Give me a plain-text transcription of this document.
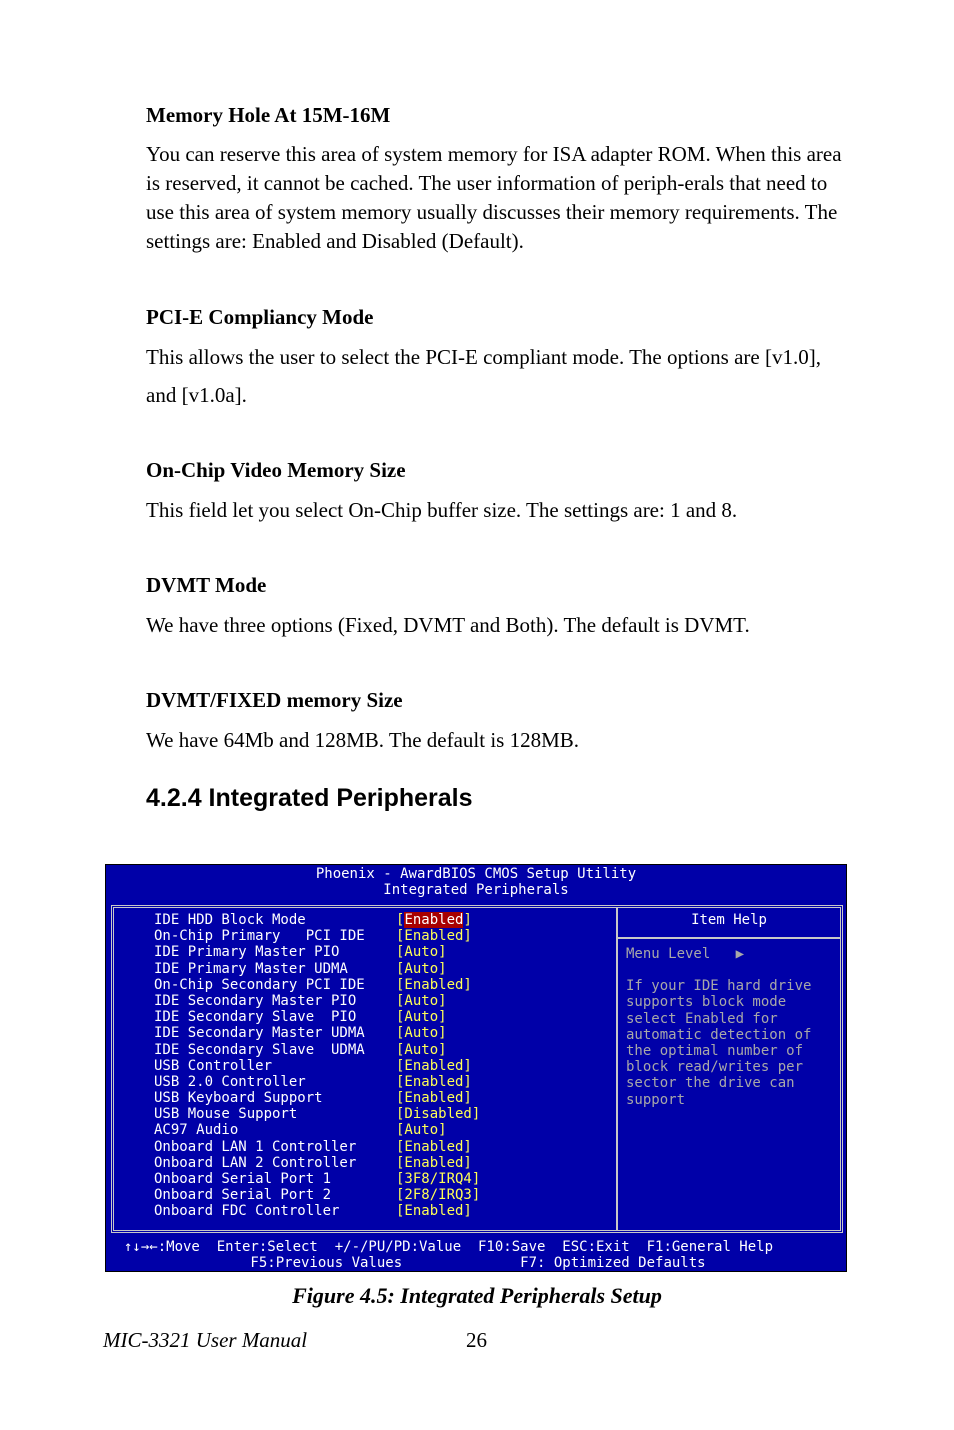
Memory Hole At 15M-16M
You can reserve this area of system memory for ISA adapter ROM. When this area is reserved, it cannot be cached. The user information of periph-erals that need to use this area of system memory usually discusses their memory requirements. The settings are: Enabled and Disabled (Default).
PCI-E Compliancy Mode
This allows the user to select the PCI-E compliant mode. The options are [v1.0], and [v1.0a].
On-Chip Video Memory Size
This field let you select On-Chip buffer size. The settings are: 1 and 8.
DVMT Mode
We have three options (Fixed, DVMT and Both). The default is DVMT.
DVMT/FIXED memory Size
We have 64Mb and 128MB. The default is 128MB.
4.2.4 Integrated Peripherals
Phoenix - AwardBIOS CMOS Setup Utility
Integrated Peripherals
IDE HDD Block Mode	[Enabled]
On-Chip Primary   PCI IDE [Enabled]
IDE Primary Master PIO	[Auto]
IDE Primary Master UDMA	[Auto]
On-Chip Secondary PCI IDE [Enabled]
IDE Secondary Master PIO	[Auto]
IDE Secondary Slave  PIO	[Auto]
IDE Secondary Master UDMA [Auto]
IDE Secondary Slave  UDMA [Auto]
USB Controller	[Enabled]
USB 2.0 Controller	[Enabled]
USB Keyboard Support	[Enabled]
USB Mouse Support	[Disabled]
AC97 Audio	[Auto]
Onboard LAN 1 Controller	[Enabled]
Onboard LAN 2 Controller	[Enabled]
Onboard Serial Port 1	[3F8/IRQ4]
Onboard Serial Port 2	[2F8/IRQ3]
Onboard FDC Controller	[Enabled]
Item Help
Menu Level   ▶
If your IDE hard drive
supports block mode
select Enabled for
automatic detection of
the optimal number of
block read/writes per
sector the drive can
support
↑↓→←:Move  Enter:Select  +/-/PU/PD:Value  F10:Save  ESC:Exit  F1:General Help
F5:Previous Values              F7: Optimized Defaults
Figure 4.5: Integrated Peripherals Setup
MIC-3321 User Manual	26
